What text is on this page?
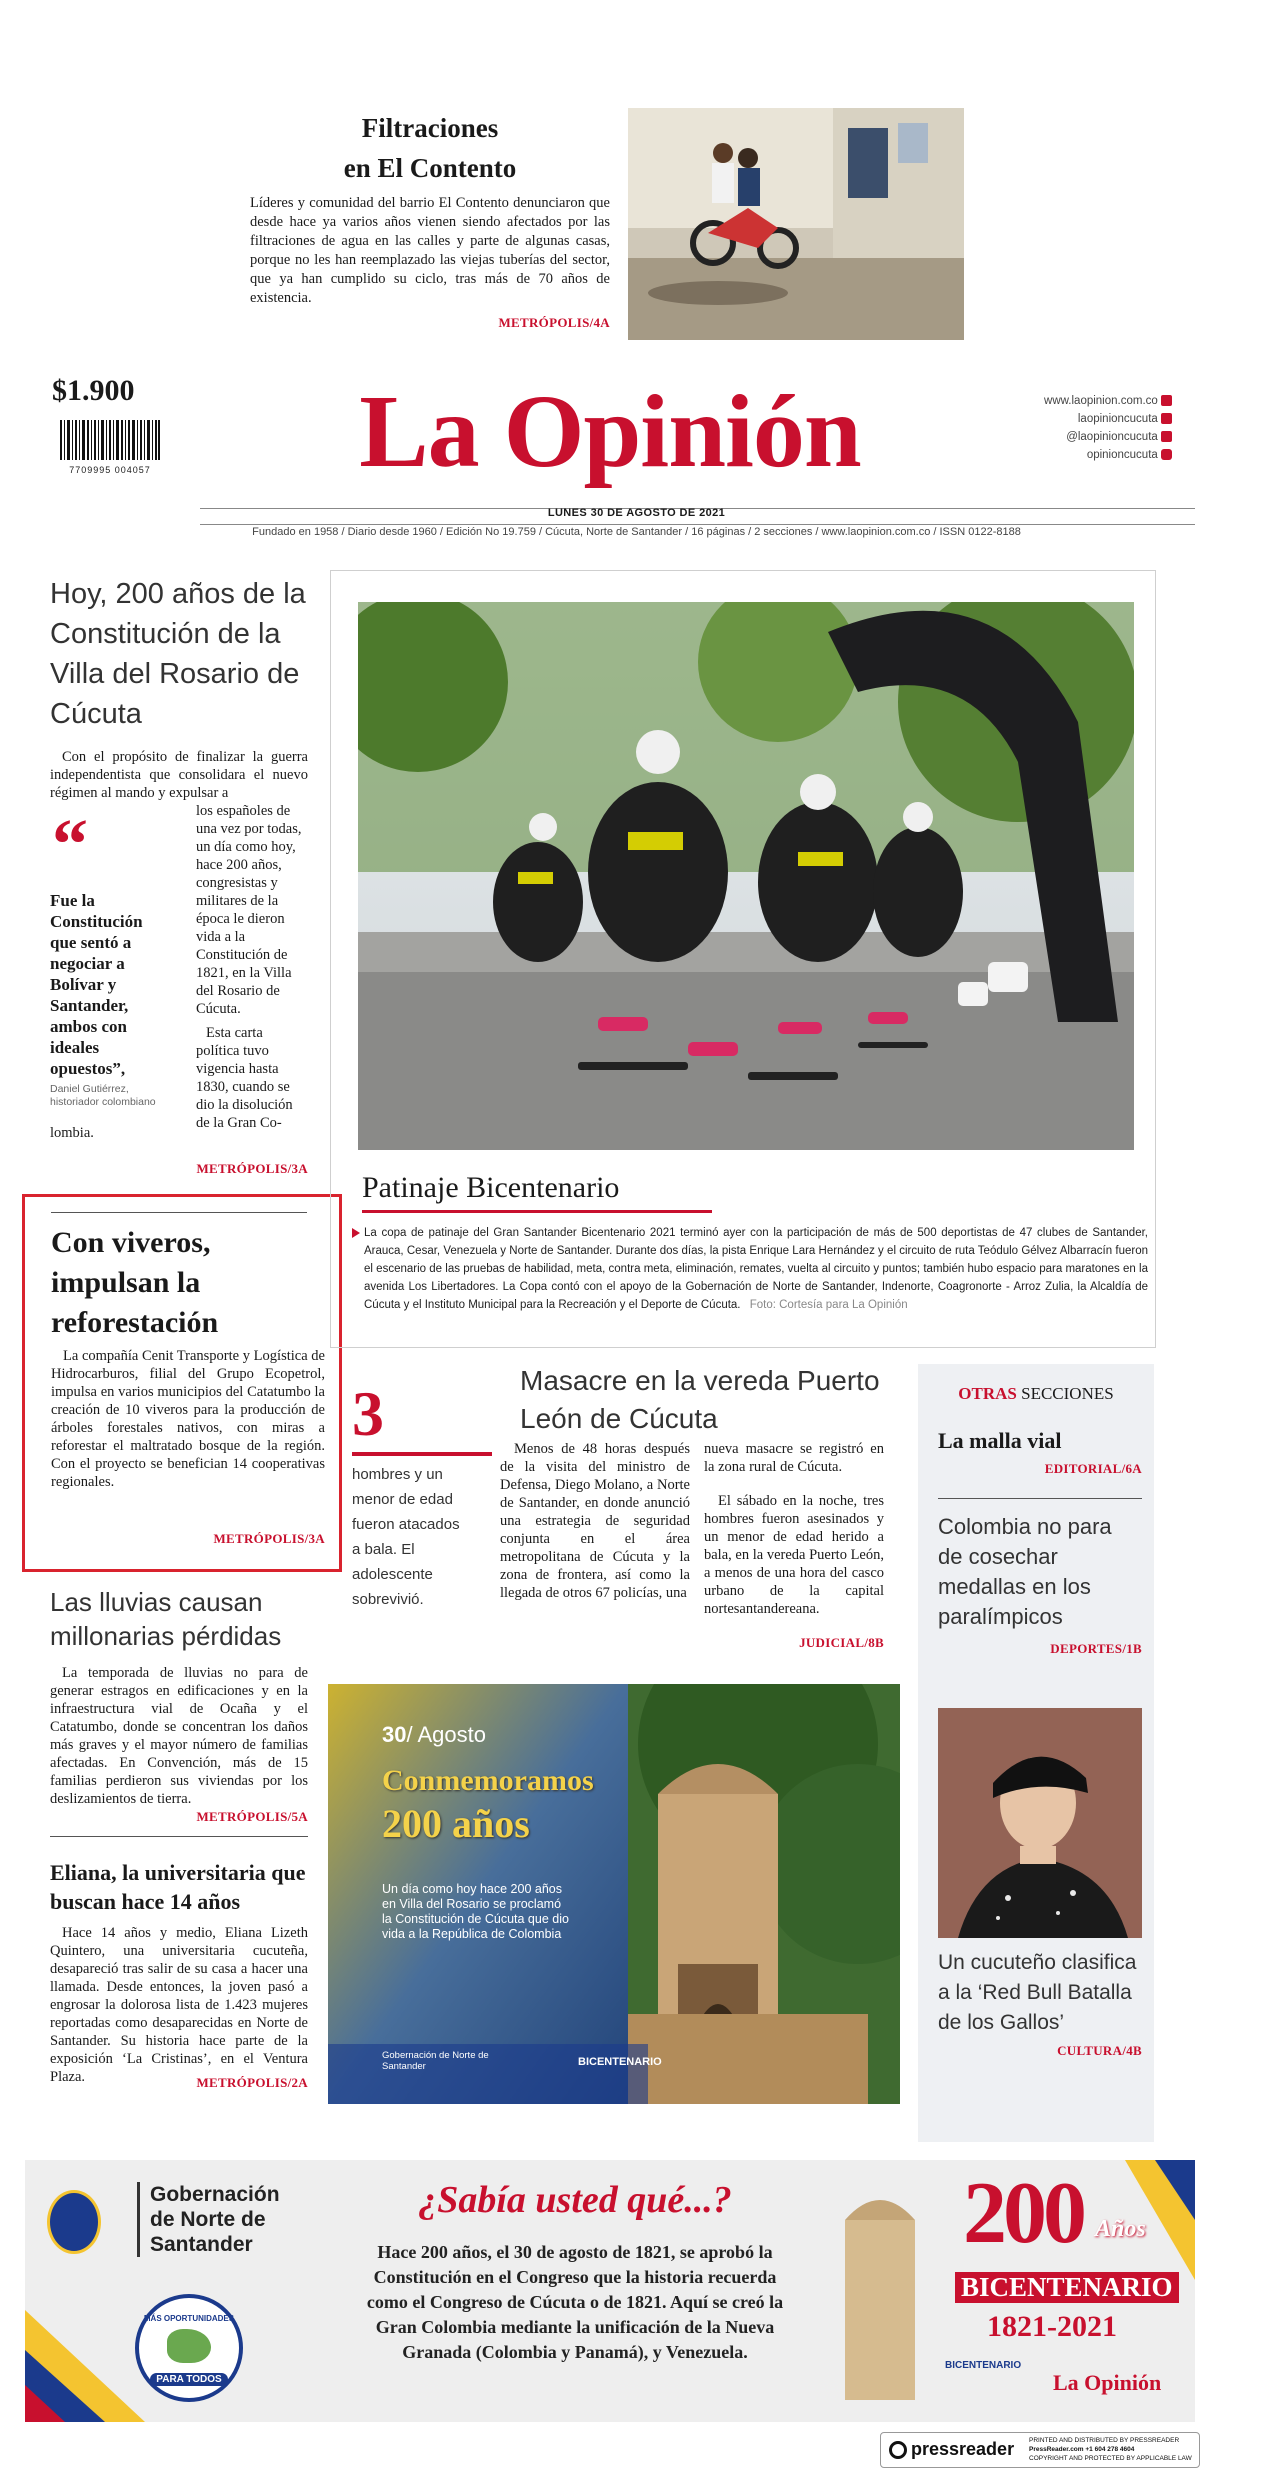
Filtraciones
en El Contento

Líderes y comunidad del barrio El Contento denunciaron que desde hace ya varios años vienen siendo afectados por las filtraciones de agua en las calles y parte de algunas casas, porque no les han reemplazado las viejas tuberías del sector, que ya han cumplido su ciclo, tras más de 70 años de existencia.

METRÓPOLIS/4A
$1.900
7709995 004057	La Opinión	www.laopinion.com.co
laopinioncucuta
@laopinioncucuta
opinioncucuta
LUNES 30 DE AGOSTO DE 2021
Fundado en 1958 / Diario desde 1960 / Edición No 19.759 / Cúcuta, Norte de Santander / 16 páginas / 2 secciones / www.laopinion.com.co / ISSN 0122-8188
Hoy, 200 años de la Constitución de la Villa del Rosario de Cúcuta

Con el propósito de finalizar la guerra independentista que consolidara el nuevo régimen al mando y expulsar a

“
Fue la Constitución que sentó a negociar a Bolívar y Santander, ambos con ideales opuestos”,
Daniel Gutiérrez, historiador colombiano

los españoles de una vez por todas, un día como hoy, hace 200 años, congresistas y militares de la época le dieron vida a la Constitución de 1821, en la Villa del Rosario de Cúcuta.

Esta carta política tuvo vigencia hasta 1830, cuando se dio la disolución de la Gran Co-

lombia.

METRÓPOLIS/3A
Con viveros, impulsan la reforestación

La compañía Cenit Transporte y Logística de Hidrocarburos, filial del Grupo Ecopetrol, impulsa en varios municipios del Catatumbo la creación de 10 viveros para la producción de árboles forestales nativos, con miras a reforestar el maltratado bosque de la región. Con el proyecto se benefician 14 cooperativas regionales.

METRÓPOLIS/3A
Las lluvias causan millonarias pérdidas

La temporada de lluvias no para de generar estragos en edificaciones y en la infraestructura vial de Ocaña y el Catatumbo, donde se concentran los daños más graves y el mayor número de familias afectadas. En Convención, más de 15 familias perdieron sus viviendas por los deslizamientos de tierra.

METRÓPOLIS/5A
Eliana, la universitaria que buscan hace 14 años

Hace 14 años y medio, Eliana Lizeth Quintero, una universitaria cucuteña, desapareció tras salir de su casa a hacer una llamada. Desde entonces, la joven pasó a engrosar la dolorosa lista de 1.423 mujeres reportadas como desaparecidas en Norte de Santander. Su historia hace parte de la exposición ‘La Cristinas’, en el Ventura Plaza.	METRÓPOLIS/2A
Patinaje Bicentenario

La copa de patinaje del Gran Santander Bicentenario 2021 terminó ayer con la participación de más de 500 deportistas de 47 clubes de Santander, Arauca, Cesar, Venezuela y Norte de Santander. Durante dos días, la pista Enrique Lara Hernández y el circuito de ruta Teódulo Gélvez Albarracín fueron el escenario de las pruebas de habilidad, meta, contra meta, eliminación, remates, vuelta al circuito y puntos; también hubo espacio para maratones en la avenida Los Libertadores. La Copa contó con el apoyo de la Gobernación de Norte de Santander, Indenorte, Coagronorte - Arroz Zulia, la Alcaldía de Cúcuta y el Instituto Municipal para la Recreación y el Deporte de Cúcuta. Foto: Cortesía para La Opinión

3
hombres y un menor de edad fueron atacados a bala. El adolescente sobrevivió.
Masacre en la vereda Puerto León de Cúcuta

Menos de 48 horas después de la visita del ministro de Defensa, Diego Molano, a Norte de Santander, en donde anunció una estrategia de seguridad conjunta en el área metropolitana de Cúcuta y la zona de frontera, así como la llegada de otros 67 policías, una

nueva masacre se registró en la zona rural de Cúcuta.

El sábado en la noche, tres hombres fueron asesinados y un menor de edad herido a bala, en la vereda Puerto León, a menos de una hora del casco urbano de la capital nortesantandereana.

JUDICIAL/8B
OTRAS SECCIONES
La malla vial
EDITORIAL/6A
Colombia no para de cosechar medallas en los paralímpicos
DEPORTES/1B
Un cucuteño clasifica a la ‘Red Bull Batalla de los Gallos’
CULTURA/4B
30/ Agosto
Conmemoramos
200 años
Un día como hoy hace 200 años en Villa del Rosario se proclamó la Constitución de Cúcuta que dio vida a la República de Colombia
Gobernación de Norte de Santander	BICENTENARIO
Gobernación de Norte de Santander
MÁS OPORTUNIDADES
PARA TODOS
¿Sabía usted qué...?
Hace 200 años, el 30 de agosto de 1821, se aprobó la Constitución en el Congreso que la historia recuerda como el Congreso de Cúcuta o de 1821. Aquí se creó la Gran Colombia mediante la unificación de la Nueva Granada (Colombia y Panamá), y Venezuela.
200 Años
BICENTENARIO
1821-2021
BICENTENARIO
La Opinión
pressreader PRINTED AND DISTRIBUTED BY PRESSREADER
PressReader.com +1 604 278 4604
COPYRIGHT AND PROTECTED BY APPLICABLE LAW
